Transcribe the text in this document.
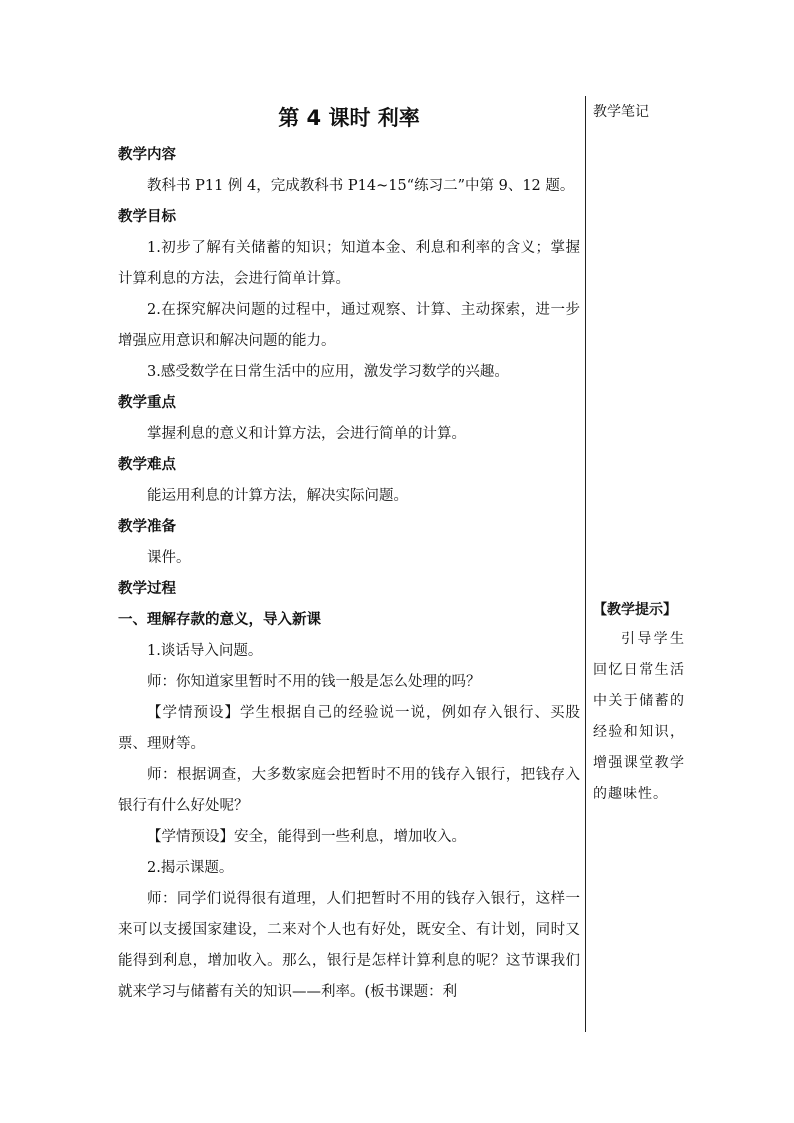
教学笔记
第 4 课时 利率
教学内容

教科书 P11 例 4，完成教科书 P14~15“练习二”中第 9、12 题。

教学目标

1.初步了解有关储蓄的知识；知道本金、利息和利率的含义；掌握计算利息的方法，会进行简单计算。

2.在探究解决问题的过程中，通过观察、计算、主动探索，进一步增强应用意识和解决问题的能力。

3.感受数学在日常生活中的应用，激发学习数学的兴趣。

教学重点

掌握利息的意义和计算方法，会进行简单的计算。

教学难点

能运用利息的计算方法，解决实际问题。

教学准备

课件。

教学过程
一、理解存款的意义，导入新课

1.谈话导入问题。

师：你知道家里暂时不用的钱一般是怎么处理的吗？

【学情预设】学生根据自己的经验说一说，例如存入银行、买股票、理财等。

师：根据调查，大多数家庭会把暂时不用的钱存入银行，把钱存入银行有什么好处呢？

【学情预设】安全，能得到一些利息，增加收入。

2.揭示课题。

师：同学们说得很有道理，人们把暂时不用的钱存入银行，这样一来可以支援国家建设，二来对个人也有好处，既安全、有计划，同时又能得到利息，增加收入。那么，银行是怎样计算利息的呢？这节课我们就来学习与储蓄有关的知识——利率。(板书课题：利

【教学提示】
引导学生回忆日常生活中关于储蓄的经验和知识，增强课堂教学的趣味性。
